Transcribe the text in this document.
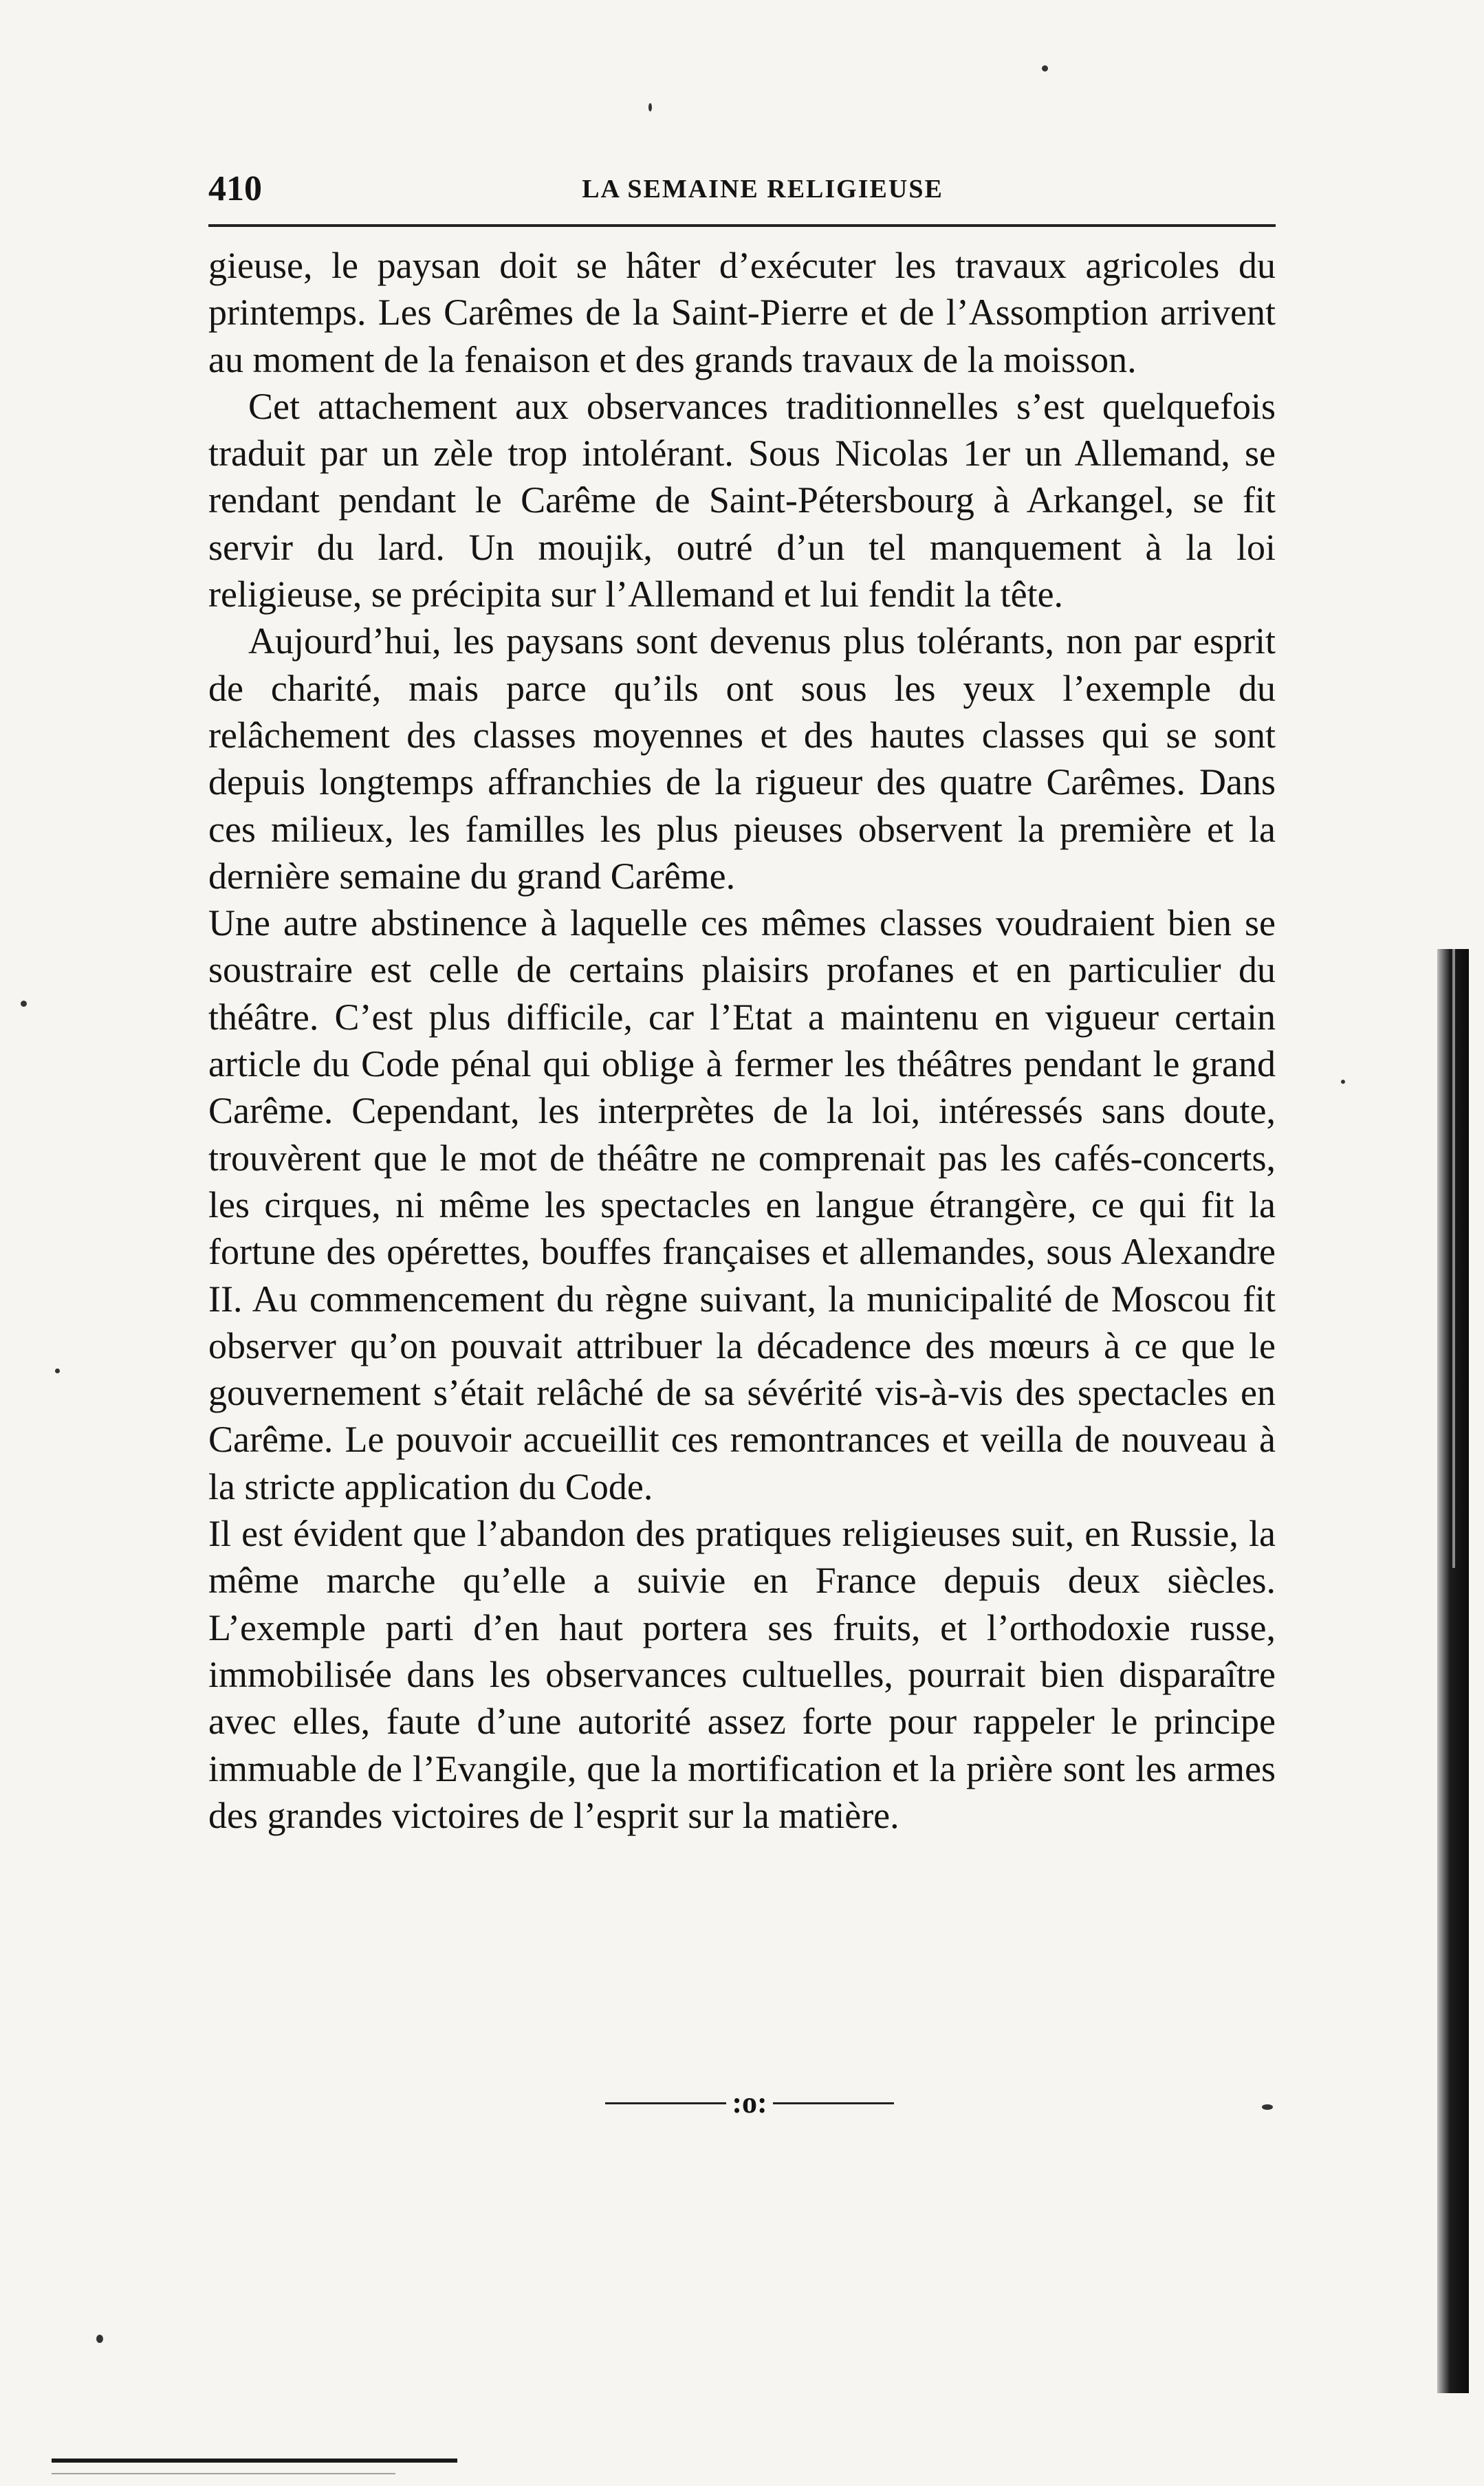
410	LA SEMAINE RELIGIEUSE

gieuse, le paysan doit se hâter d’exécuter les travaux agricoles du printemps. Les Carêmes de la Saint-Pierre et de l’Assomption arrivent au moment de la fenaison et des grands travaux de la moisson.

Cet attachement aux observances traditionnelles s’est quelquefois traduit par un zèle trop intolérant. Sous Nicolas 1er un Allemand, se rendant pendant le Carême de Saint-Pétersbourg à Arkangel, se fit servir du lard. Un moujik, outré d’un tel manquement à la loi religieuse, se précipita sur l’Allemand et lui fendit la tête.

Aujourd’hui, les paysans sont devenus plus tolérants, non par esprit de charité, mais parce qu’ils ont sous les yeux l’exemple du relâchement des classes moyennes et des hautes classes qui se sont depuis longtemps affranchies de la rigueur des quatre Carêmes. Dans ces milieux, les familles les plus pieuses observent la première et la dernière semaine du grand Carême.

Une autre abstinence à laquelle ces mêmes classes voudraient bien se soustraire est celle de certains plaisirs profanes et en particulier du théâtre. C’est plus difficile, car l’Etat a maintenu en vigueur certain article du Code pénal qui oblige à fermer les théâtres pendant le grand Carême. Cependant, les interprètes de la loi, intéressés sans doute, trouvèrent que le mot de théâtre ne comprenait pas les cafés-concerts, les cirques, ni même les spectacles en langue étrangère, ce qui fit la fortune des opérettes, bouffes françaises et allemandes, sous Alexandre II. Au commencement du règne suivant, la municipalité de Moscou fit observer qu’on pouvait attribuer la décadence des mœurs à ce que le gouvernement s’était relâché de sa sévérité vis-à-vis des spectacles en Carême. Le pouvoir accueillit ces remontrances et veilla de nouveau à la stricte application du Code.

Il est évident que l’abandon des pratiques religieuses suit, en Russie, la même marche qu’elle a suivie en France depuis deux siècles. L’exemple parti d’en haut portera ses fruits, et l’orthodoxie russe, immobilisée dans les observances cultuelles, pourrait bien disparaître avec elles, faute d’une autorité assez forte pour rappeler le principe immuable de l’Evangile, que la mortification et la prière sont les armes des grandes victoires de l’esprit sur la matière.

:o:
